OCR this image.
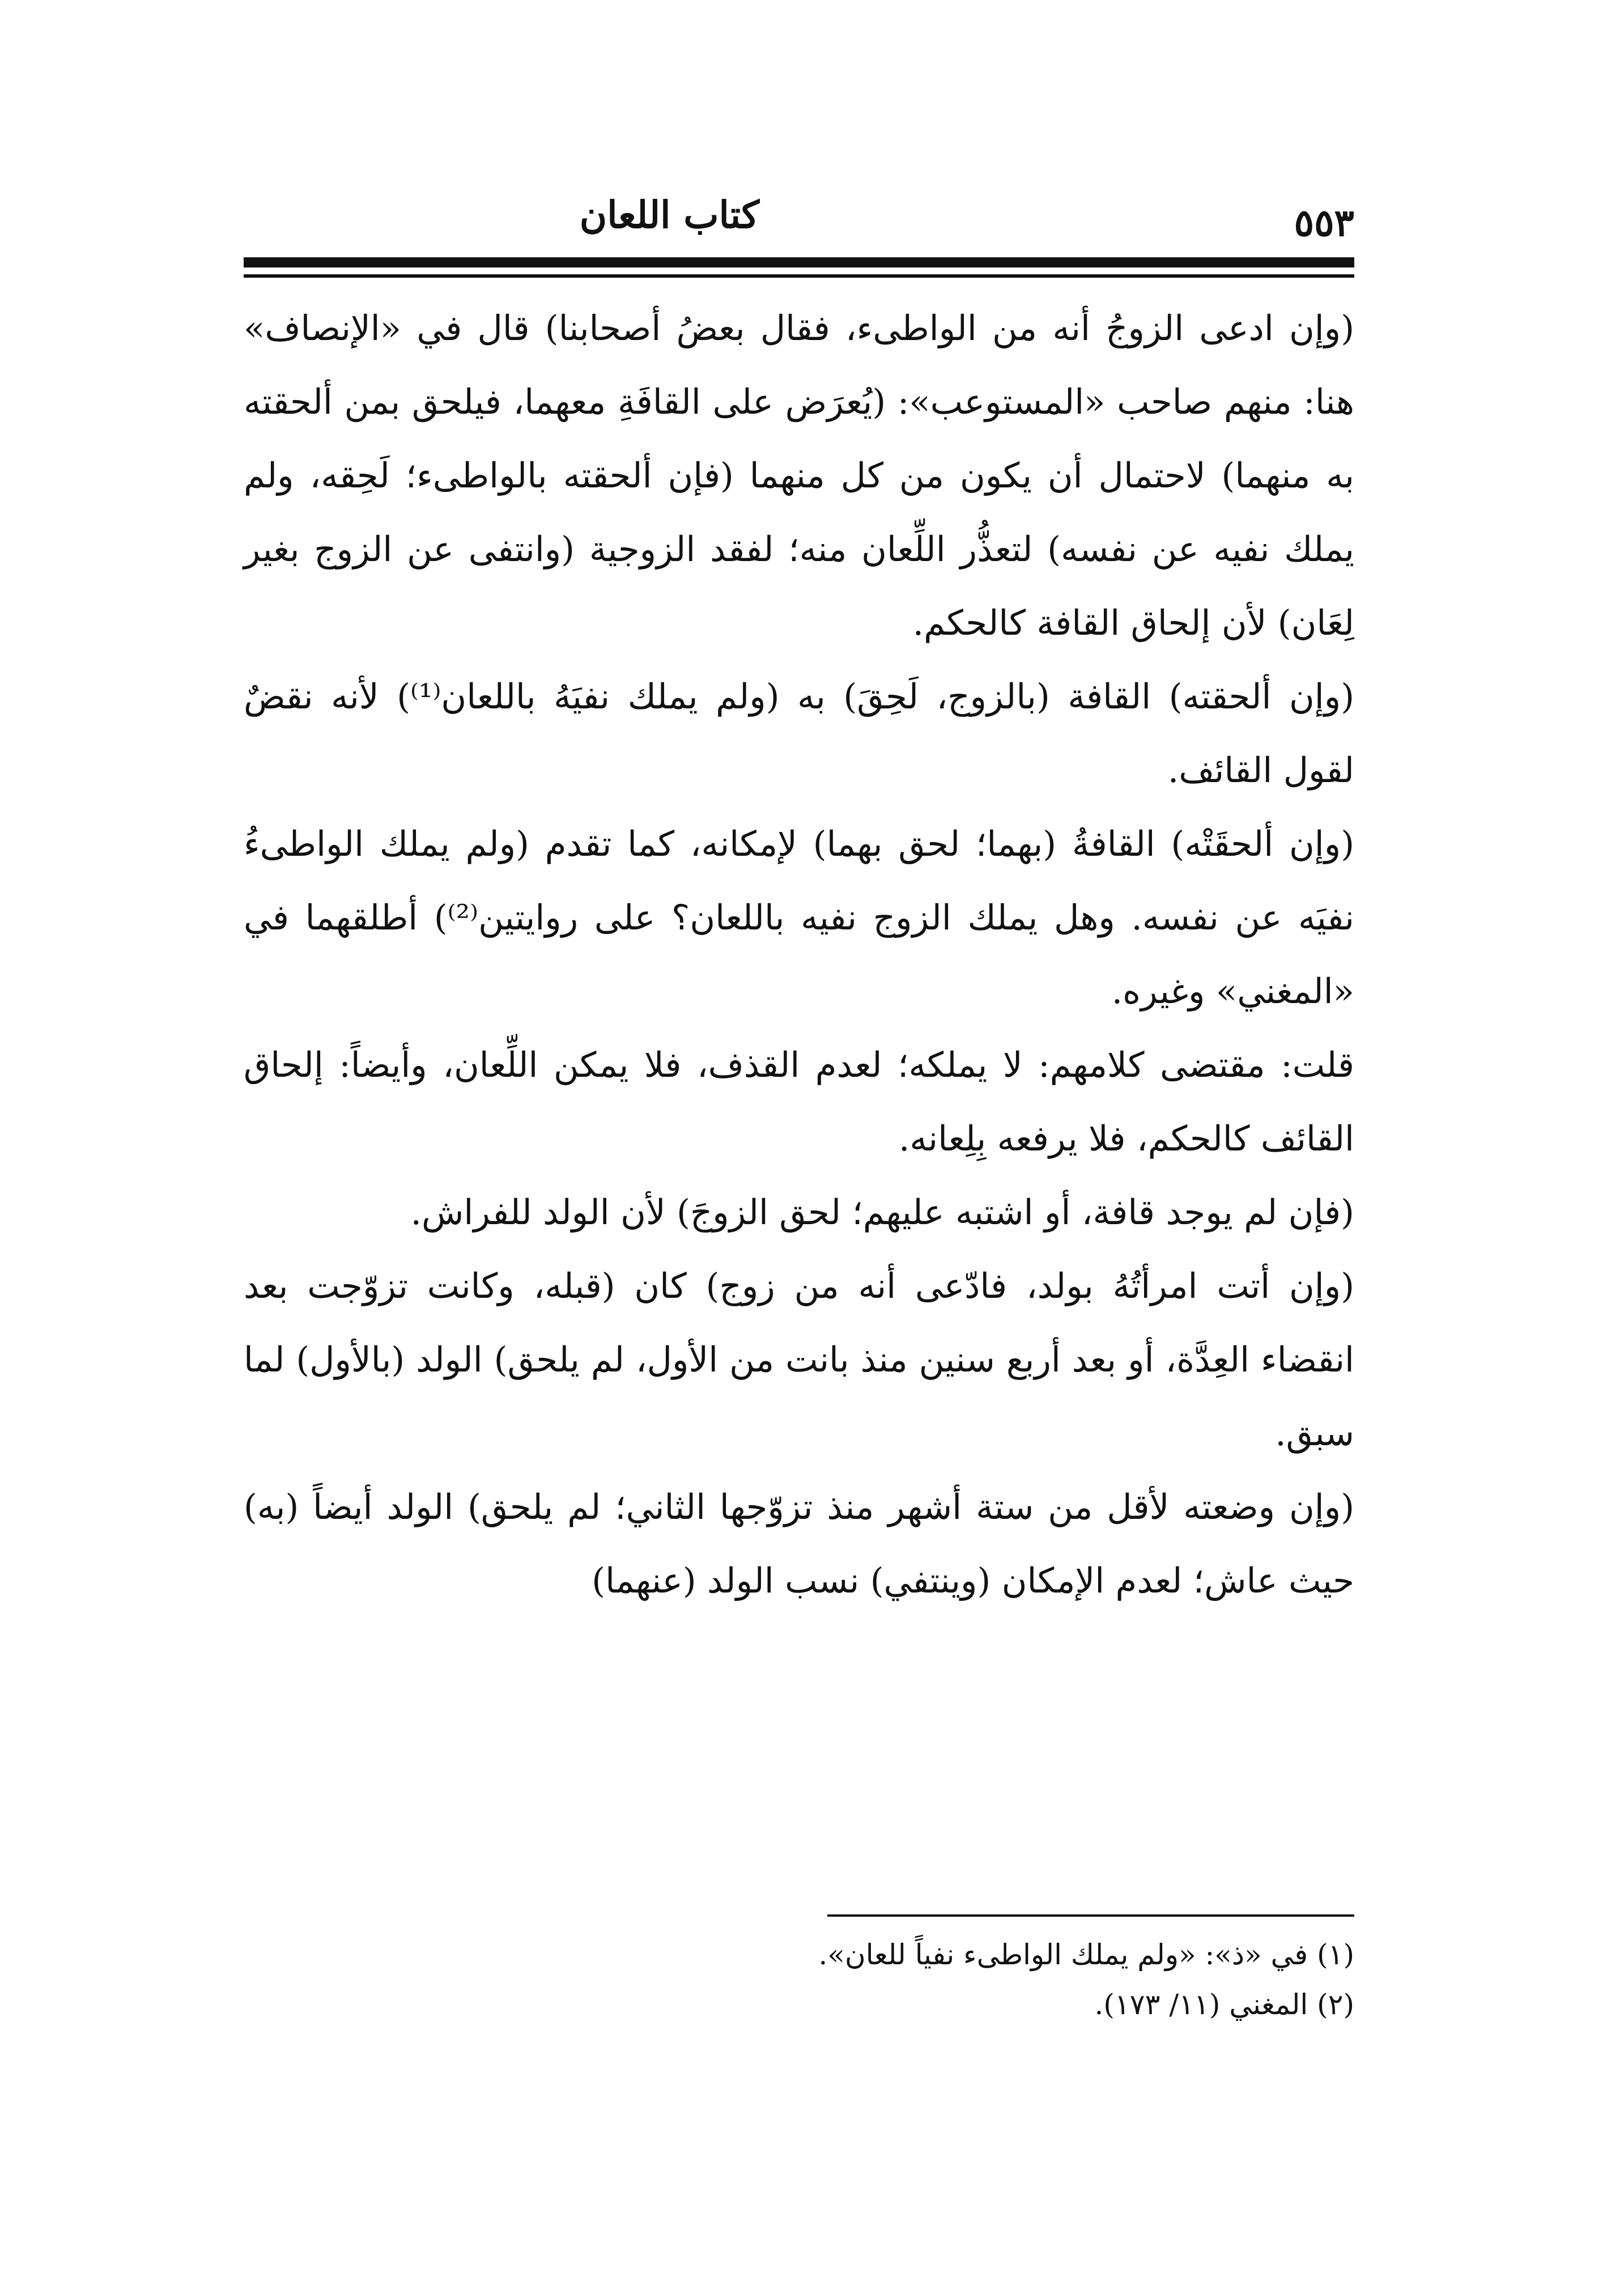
كتاب اللعان	٥٥٣

(وإن ادعى الزوجُ أنه من الواطىء، فقال بعضُ أصحابنا) قال في «الإنصاف» هنا: منهم صاحب «المستوعب»: (يُعرَض على القافَةِ معهما، فيلحق بمن ألحقته به منهما) لاحتمال أن يكون من كل منهما (فإن ألحقته بالواطىء؛ لَحِقه، ولم يملك نفيه عن نفسه) لتعذُّر اللِّعان منه؛ لفقد الزوجية (وانتفى عن الزوج بغير لِعَان) لأن إلحاق القافة كالحكم.

(وإن ألحقته) القافة (بالزوج، لَحِقَ) به (ولم يملك نفيَهُ باللعان⁽¹⁾) لأنه نقضٌ لقول القائف.

(وإن ألحقَتْه) القافةُ (بهما؛ لحق بهما) لإمكانه، كما تقدم (ولم يملك الواطىءُ نفيَه عن نفسه. وهل يملك الزوج نفيه باللعان؟ على روايتين⁽²⁾) أطلقهما في «المغني» وغيره.

قلت: مقتضى كلامهم: لا يملكه؛ لعدم القذف، فلا يمكن اللِّعان، وأيضاً: إلحاق القائف كالحكم، فلا يرفعه بِلِعانه.

(فإن لم يوجد قافة، أو اشتبه عليهم؛ لحق الزوجَ) لأن الولد للفراش.

(وإن أتت امرأتُهُ بولد، فادّعى أنه من زوج) كان (قبله، وكانت تزوّجت بعد انقضاء العِدَّة، أو بعد أربع سنين منذ بانت من الأول، لم يلحق) الولد (بالأول) لما سبق.

(وإن وضعته لأقل من ستة أشهر منذ تزوّجها الثاني؛ لم يلحق) الولد أيضاً (به) حيث عاش؛ لعدم الإمكان (وينتفي) نسب الولد (عنهما)

(١) في «ذ»: «ولم يملك الواطىء نفياً للعان».

(٢) المغني (١١/ ١٧٣).
